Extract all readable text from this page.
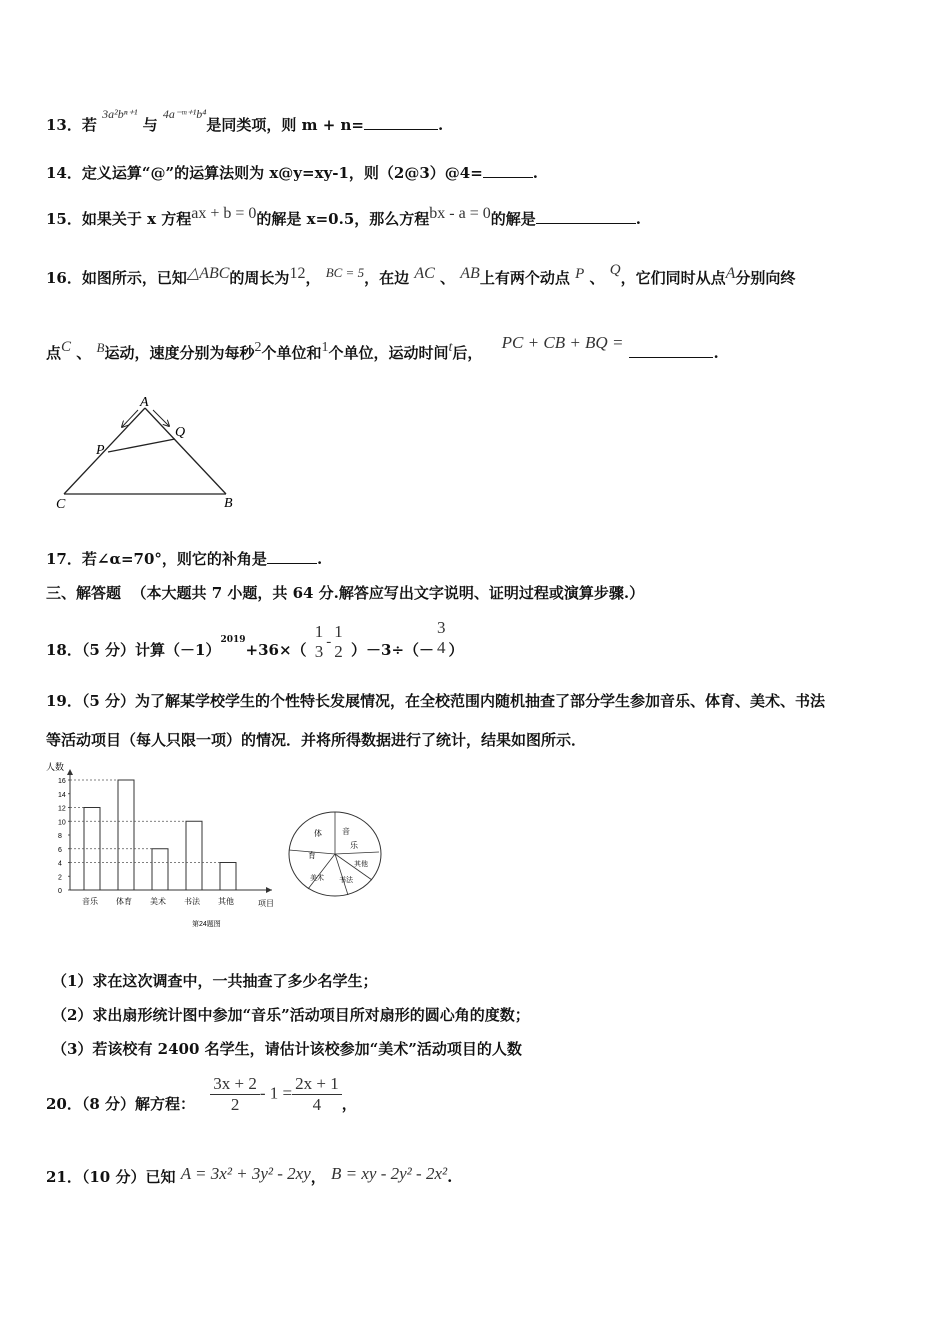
13．若 $^{3a^2b^{n+1}}$ 与 $^{4a^-ᵐ^{+1}b^4}$是同类项，则 m + n=	.
14．定义运算“@”的运算法则为 x@y=xy-1，则（2@3）@4=	.
15．如果关于 x 方程ax + b = 0的解是 x=0.5，那么方程bx - a = 0的解是	.
16．如图所示，已知△ABC的周长为12， BC = 5，在边 AC 、 AB上有两个动点 P 、 Q，它们同时从点A分别向终
点C 、 B运动，速度分别为每秒2个单位和1个单位，运动时间t后， PC + CB + BQ =.
A
C	B
P
Q
17．若∠α=70°，则它的补角是	.
三、解答题 （本大题共 7 小题，共 64 分.解答应写出文字说明、证明过程或演算步骤.）
18．（5 分）计算$(-1)^{2019}+36\times$（
1
3 -
1
2 ）－3÷（－
3
4 ）
19．（5 分）为了解某学校学生的个性特长发展情况，在全校范围内随机抽查了部分学生参加音乐、体育、美术、书法
等活动项目（每人只限一项）的情况．并将所得数据进行了统计，结果如图所示．
人数
项目
第24题图
0
2
4
6
8
10
12
14
16
音乐 体育 美术 书法 其他
体
育
音
乐
其他
书法
美术
（1）求在这次调查中，一共抽查了多少名学生；
（2）求出扇形统计图中参加“音乐”活动项目所对扇形的圆心角的度数；
（3）若该校有 2400 名学生，请估计该校参加“美术”活动项目的人数
20．（8 分）解方程： $\frac{3x + 2}{2} - 1 = \frac{2x + 1}{4}$ ，
21．（10 分）已知 A = 3x² + 3y² - 2xy， B = xy - 2y² - 2x².
